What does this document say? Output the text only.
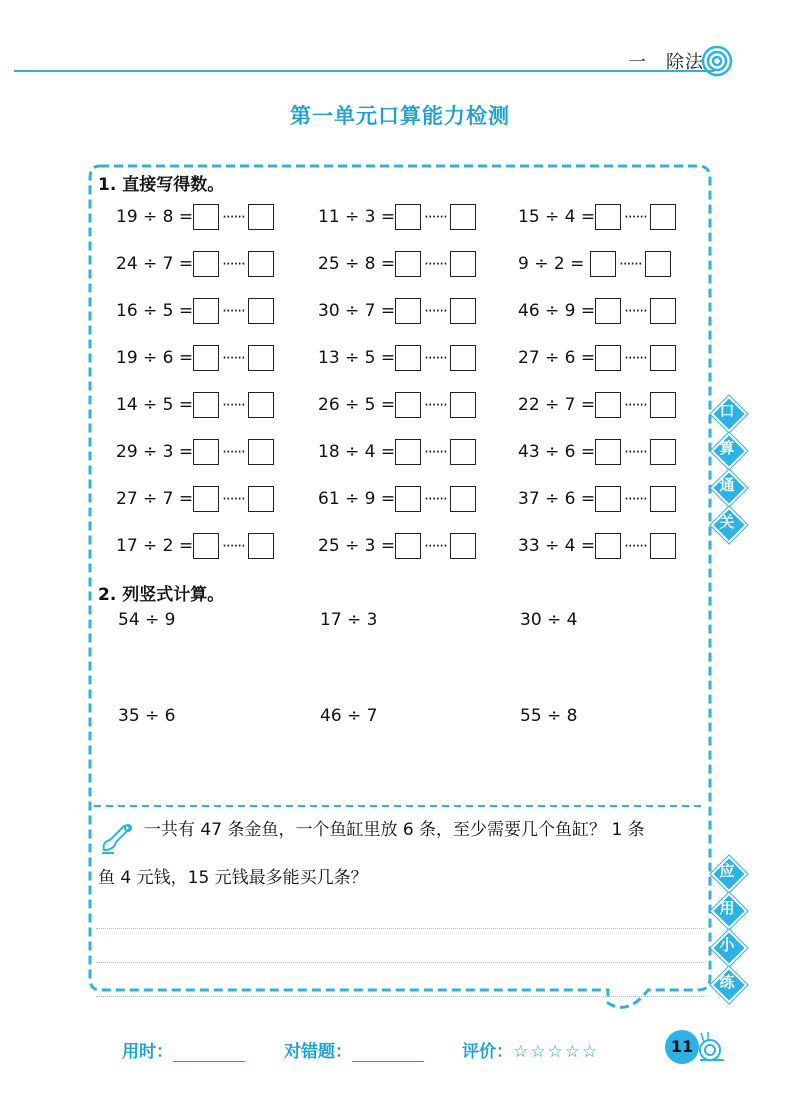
一　除法
第一单元口算能力检测
1. 直接写得数。
19 ÷ 8 = ······	11 ÷ 3 = ······	15 ÷ 4 = ······
24 ÷ 7 = ······	25 ÷ 8 = ······	9 ÷ 2 =	······
16 ÷ 5 = ······	30 ÷ 7 = ······	46 ÷ 9 = ······
19 ÷ 6 = ······	13 ÷ 5 = ······	27 ÷ 6 = ······
14 ÷ 5 = ······	26 ÷ 5 = ······	22 ÷ 7 = ······
29 ÷ 3 = ······	18 ÷ 4 = ······	43 ÷ 6 = ······
27 ÷ 7 = ······	61 ÷ 9 = ······	37 ÷ 6 = ······
17 ÷ 2 = ······	25 ÷ 3 = ······	33 ÷ 4 = ······
2. 列竖式计算。
54 ÷ 9	17 ÷ 3	30 ÷ 4
35 ÷ 6	46 ÷ 7	55 ÷ 8
一共有 47 条金鱼，一个鱼缸里放 6 条，至少需要几个鱼缸？ 1 条
鱼 4 元钱，15 元钱最多能买几条？
口
算
通
关
应
用
小
练
用时：	对错题：	评价：☆☆☆☆☆	11
